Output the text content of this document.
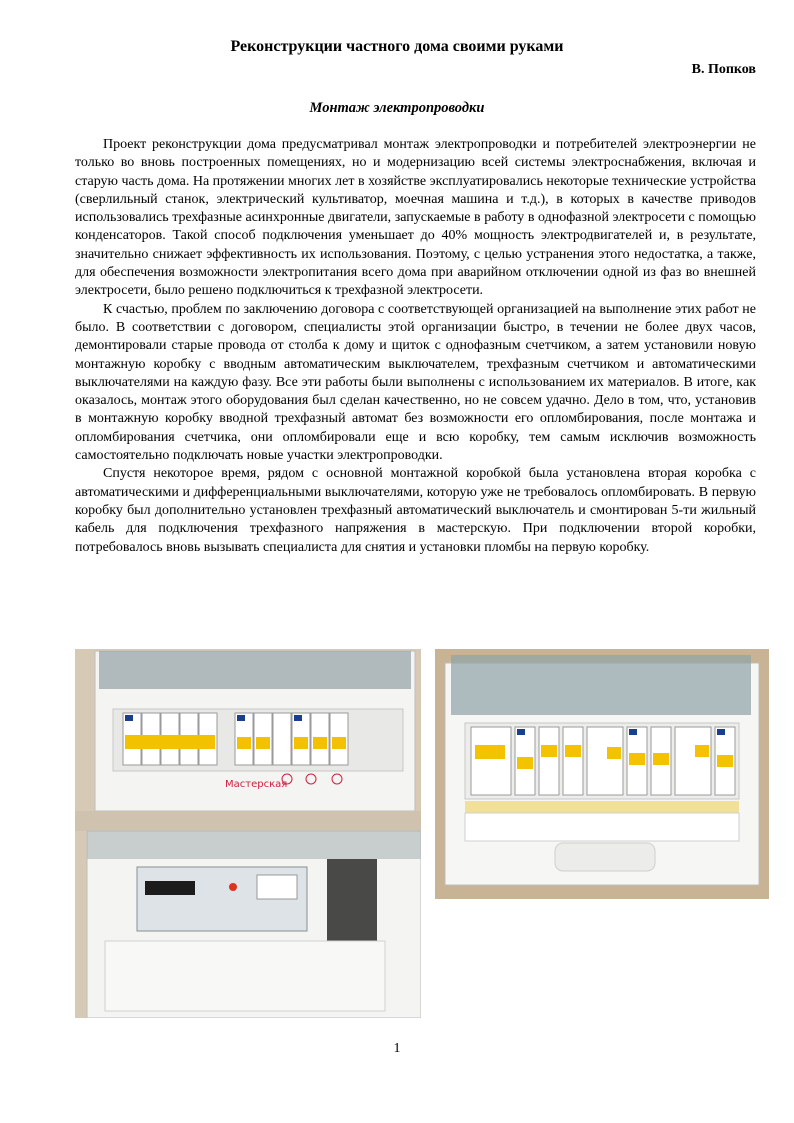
Реконструкции частного дома своими руками
В. Попков
Монтаж электропроводки

Проект реконструкции дома предусматривал монтаж электропроводки и потребителей электроэнергии не только во вновь построенных помещениях, но и модернизацию всей системы электроснабжения, включая и старую часть дома. На протяжении многих лет в хозяйстве эксплуатировались некоторые технические устройства (сверлильный станок, электрический культиватор, моечная машина и т.д.), в которых в качестве приводов использовались трехфазные асинхронные двигатели, запускаемые в работу в однофазной электросети с помощью конденсаторов. Такой способ подключения уменьшает до 40% мощность электродвигателей и, в результате, значительно снижает эффективность их использования. Поэтому, с целью устранения этого недостатка, а также, для обеспечения возможности электропитания всего дома при аварийном отключении одной из фаз во внешней электросети, было решено подключиться к трехфазной электросети.

К счастью, проблем по заключению договора с соответствующей организацией на выполнение этих работ не было. В соответствии с договором, специалисты этой организации быстро, в течении не более двух часов, демонтировали старые провода от столба к дому и щиток с однофазным счетчиком, а затем установили новую монтажную коробку с вводным автоматическим выключателем, трехфазным счетчиком и автоматическими выключателями на каждую фазу. Все эти работы были выполнены с использованием их материалов. В итоге, как оказалось, монтаж этого оборудования был сделан качественно, но не совсем удачно. Дело в том, что, установив в монтажную коробку вводной трехфазный автомат без возможности его опломбирования, после монтажа и опломбирования счетчика, они опломбировали еще и всю коробку, тем самым исключив возможность самостоятельно подключать новые участки электропроводки.

Спустя некоторое время, рядом с основной монтажной коробкой была установлена вторая коробка с автоматическими и дифференциальными выключателями, которую уже не требовалось опломбировать. В первую коробку был дополнительно установлен трехфазный автоматический выключатель и смонтирован 5-ти жильный кабель для подключения трехфазного напряжения в мастерскую. При подключении второй коробки, потребовалось вновь вызывать специалиста для снятия и установки пломбы на первую коробку.

Мастерская
1
